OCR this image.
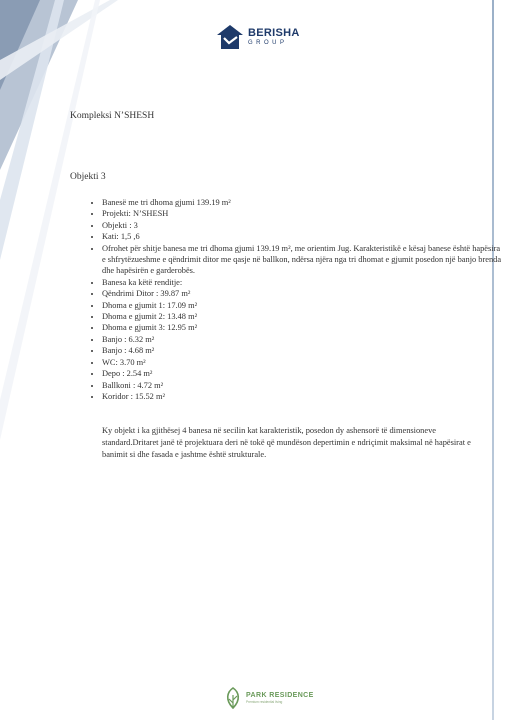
BERISHA
GROUP
Kompleksi N’SHESH
Objekti 3
• Banesë me tri dhoma gjumi 139.19 m²
• Projekti: N’SHESH
• Objekti : 3
• Kati: 1,5 ,6
• Ofrohet për shitje banesa me tri dhoma gjumi 139.19 m², me orientim Jug. Karakteristikë e kësaj banese është hapësira e shfrytëzueshme e qëndrimit ditor me qasje në ballkon, ndërsa njëra nga tri dhomat e gjumit posedon një banjo brenda dhe hapësirën e garderobës.
• Banesa ka këtë renditje:
• Qëndrimi Ditor : 39.87 m²
• Dhoma e gjumit 1: 17.09 m²
• Dhoma e gjumit 2: 13.48 m²
• Dhoma e gjumit 3: 12.95 m²
• Banjo : 6.32 m²
• Banjo : 4.68 m²
• WC: 3.70 m²
• Depo : 2.54 m²
• Ballkoni : 4.72 m²
• Koridor : 15.52 m²
Ky objekt i ka gjithësej 4 banesa në secilin kat karakteristik, posedon dy ashensorë të dimensioneve standard.Dritaret janë të projektuara deri në tokë që mundëson depertimin e ndriçimit maksimal në hapësirat e banimit si dhe fasada e jashtme është strukturale.
PARK RESIDENCE
Premium residential living
